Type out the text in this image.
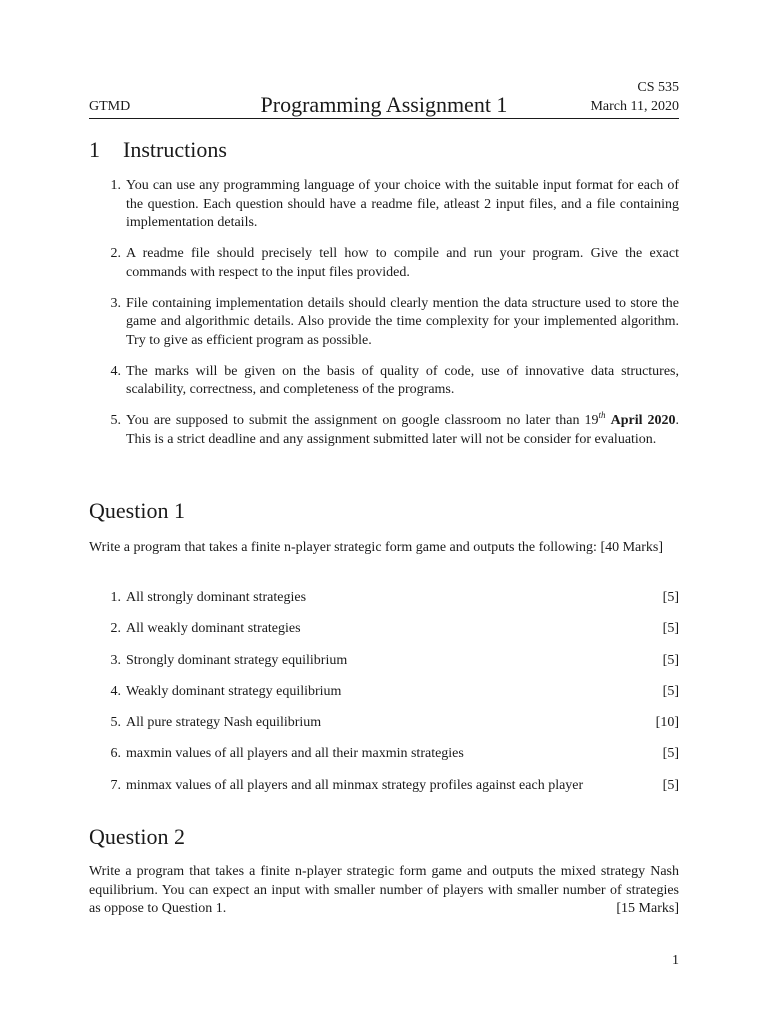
CS 535
GTMD	Programming Assignment 1	March 11, 2020
1 Instructions
1. You can use any programming language of your choice with the suitable input format for each of the question. Each question should have a readme file, atleast 2 input files, and a file containing implementation details.
2. A readme file should precisely tell how to compile and run your program. Give the exact commands with respect to the input files provided.
3. File containing implementation details should clearly mention the data structure used to store the game and algorithmic details. Also provide the time complexity for your implemented algorithm. Try to give as efficient program as possible.
4. The marks will be given on the basis of quality of code, use of innovative data structures, scalability, correctness, and completeness of the programs.
5. You are supposed to submit the assignment on google classroom no later than 19th April 2020. This is a strict deadline and any assignment submitted later will not be consider for evaluation.
Question 1
Write a program that takes a finite n-player strategic form game and outputs the following: [40 Marks]
1. All strongly dominant strategies	[5]
2. All weakly dominant strategies	[5]
3. Strongly dominant strategy equilibrium	[5]
4. Weakly dominant strategy equilibrium	[5]
5. All pure strategy Nash equilibrium	[10]
6. maxmin values of all players and all their maxmin strategies	[5]
7. minmax values of all players and all minmax strategy profiles against each player	[5]
Question 2
Write a program that takes a finite n-player strategic form game and outputs the mixed strategy Nash equilibrium. You can expect an input with smaller number of players with smaller number of strategies as oppose to Question 1.	[15 Marks]
1
